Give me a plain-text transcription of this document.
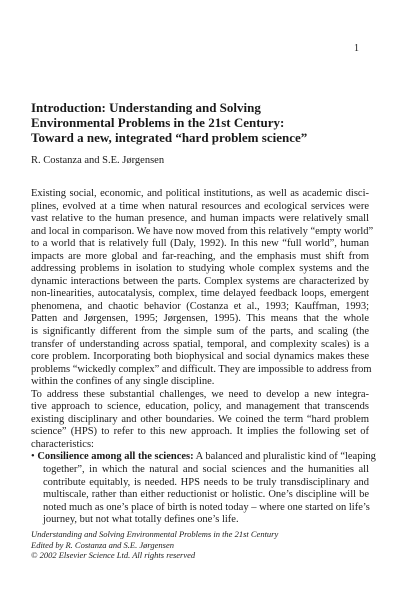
1
Introduction: Understanding and Solving
Environmental Problems in the 21st Century:
Toward a new, integrated “hard problem science”
R. Costanza and S.E. Jørgensen
Existing social, economic, and political institutions, as well as academic disci-
plines, evolved at a time when natural resources and ecological services were
vast relative to the human presence, and human impacts were relatively small
and local in comparison. We have now moved from this relatively “empty world”
to a world that is relatively full (Daly, 1992). In this new “full world”, human
impacts are more global and far-reaching, and the emphasis must shift from
addressing problems in isolation to studying whole complex systems and the
dynamic interactions between the parts. Complex systems are characterized by
non-linearities, autocatalysis, complex, time delayed feedback loops, emergent
phenomena, and chaotic behavior (Costanza et al., 1993; Kauffman, 1993;
Patten and Jørgensen, 1995; Jørgensen, 1995). This means that the whole
is significantly different from the simple sum of the parts, and scaling (the
transfer of understanding across spatial, temporal, and complexity scales) is a
core problem. Incorporating both biophysical and social dynamics makes these
problems “wickedly complex” and difficult. They are impossible to address from
within the confines of any single discipline.
To address these substantial challenges, we need to develop a new integra-
tive approach to science, education, policy, and management that transcends
existing disciplinary and other boundaries. We coined the term “hard problem
science” (HPS) to refer to this new approach. It implies the following set of
characteristics:
• Consilience among all the sciences: A balanced and pluralistic kind of “leaping
together”, in which the natural and social sciences and the humanities all
contribute equitably, is needed. HPS needs to be truly transdisciplinary and
multiscale, rather than either reductionist or holistic. One’s discipline will be
noted much as one’s place of birth is noted today – where one started on life’s
journey, but not what totally defines one’s life.
Understanding and Solving Environmental Problems in the 21st Century
Edited by R. Costanza and S.E. Jørgensen
© 2002 Elsevier Science Ltd. All rights reserved
